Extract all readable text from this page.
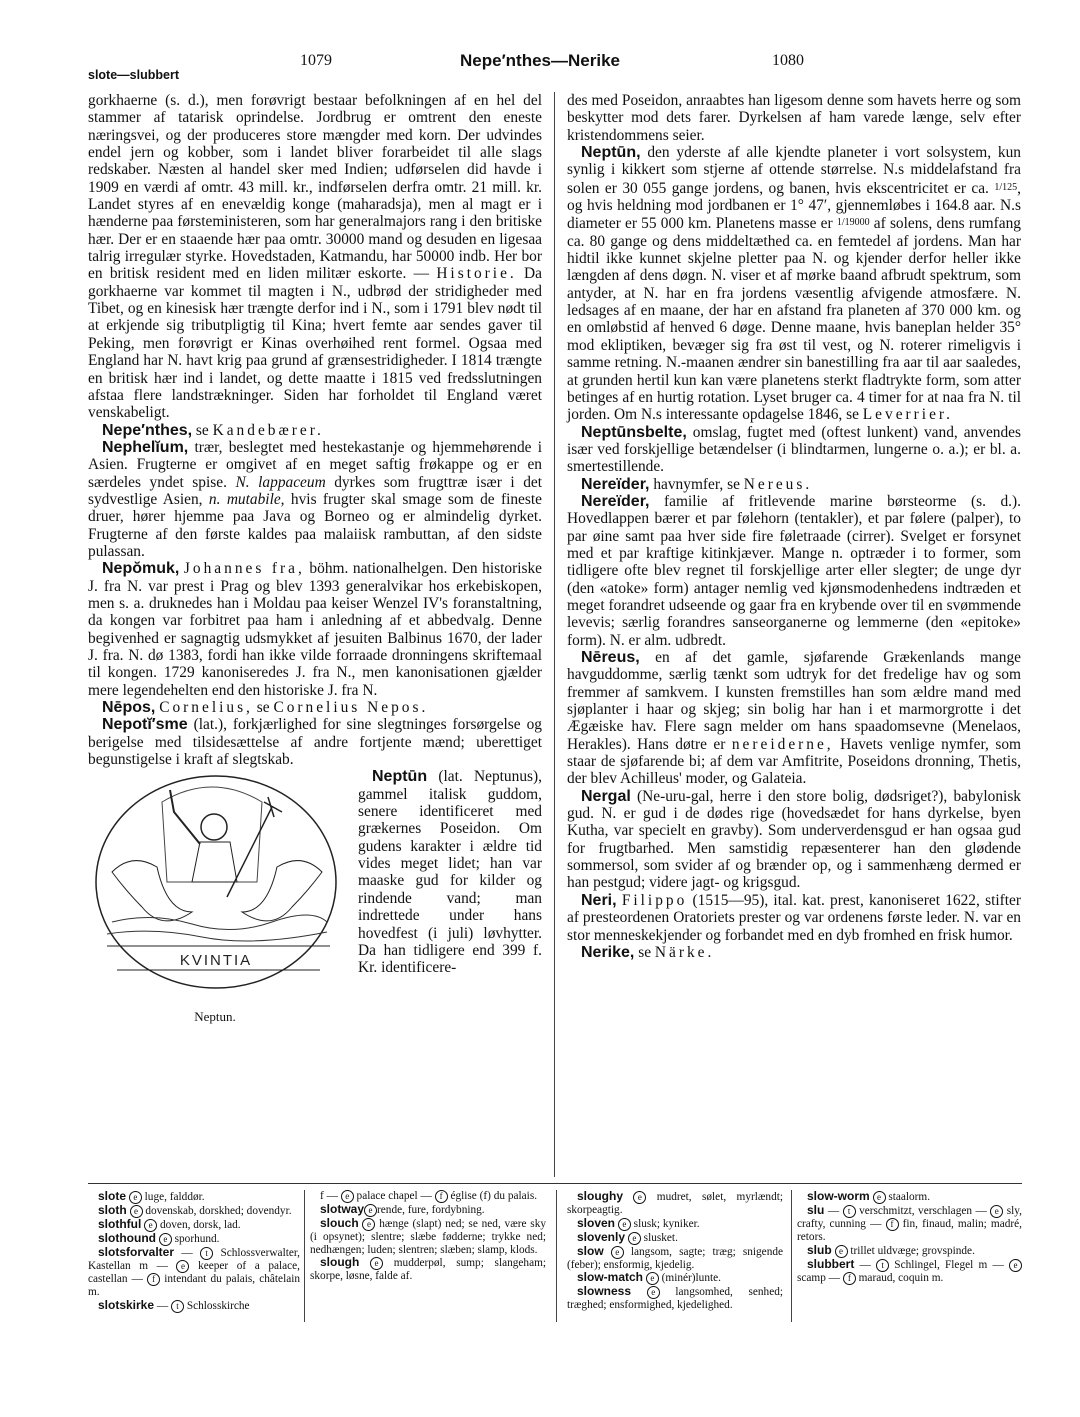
slote—slubbert
1079	Nepe′nthes—Nerike	1080

gorkhaerne (s. d.), men forøvrigt bestaar befolkningen af en hel del stammer af tatarisk oprindelse. Jordbrug er omtrent den eneste næringsvei, og der produceres store mængder med korn. Der udvindes endel jern og kobber, som i landet bliver forarbeidet til alle slags redskaber. Næsten al handel sker med Indien; udførselen did havde i 1909 en værdi af omtr. 43 mill. kr., indførselen derfra omtr. 21 mill. kr. Landet styres af en enevældig konge (maharadsja), men al magt er i hænderne paa førsteministeren, som har generalmajors rang i den britiske hær. Der er en staaende hær paa omtr. 30000 mand og desuden en ligesaa talrig irregulær styrke. Hovedstaden, Katmandu, har 50000 indb. Her bor en britisk resident med en liden militær eskorte. — Historie. Da gorkhaerne var kommet til magten i N., udbrød der stridigheder med Tibet, og en kinesisk hær trængte derfor ind i N., som i 1791 blev nødt til at erkjende sig tributpligtig til Kina; hvert femte aar sendes gaver til Peking, men forøvrigt er Kinas overhøihed rent formel. Ogsaa med England har N. havt krig paa grund af grænsestridigheder. I 1814 trængte en britisk hær ind i landet, og dette maatte i 1815 ved fredsslutningen afstaa flere landstrækninger. Siden har forholdet til England været venskabeligt.

Nepe′nthes, se Kandebærer.

Nephelĭum, trær, beslegtet med hestekastanje og hjemmehørende i Asien. Frugterne er omgivet af en meget saftig frøkappe og er en særdeles yndet spise. N. lappaceum dyrkes som frugttræ især i det sydvestlige Asien, n. mutabile, hvis frugter skal smage som de fineste druer, hører hjemme paa Java og Borneo og er almindelig dyrket. Frugterne af den første kaldes paa malaiisk rambuttan, af den sidste pulassan.

Nepŏmuk, Johannes fra, böhm. nationalhelgen. Den historiske J. fra N. var prest i Prag og blev 1393 generalvikar hos erkebiskopen, men s. a. druknedes han i Moldau paa keiser Wenzel IV's foranstaltning, da kongen var forbitret paa ham i anledning af et abbedvalg. Denne begivenhed er sagnagtig udsmykket af jesuiten Balbinus 1670, der lader J. fra. N. dø 1383, fordi han ikke vilde forraade dronningens skriftemaal til kongen. 1729 kanoniseredes J. fra N., men kanonisationen gjælder mere legendehelten end den historiske J. fra N.

Nēpos, Cornelius, se Cornelius Nepos.

Nepotĭ′sme (lat.), forkjærlighed for sine slegtninges forsørgelse og berigelse med tilsidesættelse af andre fortjente mænd; uberettiget begunstigelse i kraft af slegtskab.

KVINTIA
Neptun.
Neptūn (lat. Neptunus), gammel italisk guddom, senere identificeret med grækernes Poseidon. Om gudens karakter i ældre tid vides meget lidet; han var maaske gud for kilder og rindende vand; man indrettede under hans hovedfest (i juli) løvhytter. Da han tidligere end 399 f. Kr. identificere-

des med Poseidon, anraabtes han ligesom denne som havets herre og som beskytter mod dets farer. Dyrkelsen af ham varede længe, selv efter kristendommens seier.

Neptūn, den yderste af alle kjendte planeter i vort solsystem, kun synlig i kikkert som stjerne af ottende størrelse. N.s middelafstand fra solen er 30 055 gange jordens, og banen, hvis ekscentricitet er ca. 1/125, og hvis heldning mod jordbanen er 1° 47′, gjennemløbes i 164.8 aar. N.s diameter er 55 000 km. Planetens masse er 1/19000 af solens, dens rumfang ca. 80 gange og dens middeltæthed ca. en femtedel af jordens. Man har hidtil ikke kunnet skjelne pletter paa N. og kjender derfor heller ikke længden af dens døgn. N. viser et af mørke baand afbrudt spektrum, som antyder, at N. har en fra jordens væsentlig afvigende atmosfære. N. ledsages af en maane, der har en afstand fra planeten af 370 000 km. og en omløbstid af henved 6 døge. Denne maane, hvis baneplan helder 35° mod ekliptiken, bevæger sig fra øst til vest, og N. roterer rimeligvis i samme retning. N.-maanen ændrer sin banestilling fra aar til aar saaledes, at grunden hertil kun kan være planetens sterkt fladtrykte form, som atter betinges af en hurtig rotation. Lyset bruger ca. 4 timer for at naa fra N. til jorden. Om N.s interessante opdagelse 1846, se Leverrier.

Neptūnsbelte, omslag, fugtet med (oftest lunkent) vand, anvendes især ved forskjellige betændelser (i blindtarmen, lungerne o. a.); er bl. a. smertestillende.

Nereïder, havnymfer, se Nereus.

Nereïder, familie af fritlevende marine børsteorme (s. d.). Hovedlappen bærer et par følehorn (tentakler), et par følere (palper), to par øine samt paa hver side fire føletraade (cirrer). Svelget er forsynet med et par kraftige kitinkjæver. Mange n. optræder i to former, som tidligere ofte blev regnet til forskjellige arter eller slegter; de unge dyr (den «atoke» form) antager nemlig ved kjønsmodenhedens indtræden et meget forandret udseende og gaar fra en krybende over til en svømmende levevis; særlig forandres sanseorganerne og lemmerne (den «epitoke» form). N. er alm. udbredt.

Nēreus, en af det gamle, sjøfarende Grækenlands mange havguddomme, særlig tænkt som udtryk for det fredelige hav og som fremmer af samkvem. I kunsten fremstilles han som ældre mand med sjøplanter i haar og skjeg; sin bolig har han i et marmorgrotte i det Ægæiske hav. Flere sagn melder om hans spaadomsevne (Menelaos, Herakles). Hans døtre er nereiderne, Havets venlige nymfer, som staar de sjøfarende bi; af dem var Amfitrite, Poseidons dronning, Thetis, der blev Achilleus' moder, og Galateia.

Nergal (Ne-uru-gal, herre i den store bolig, dødsriget?), babylonisk gud. N. er gud i de dødes rige (hovedsædet for hans dyrkelse, byen Kutha, var specielt en gravby). Som underverdensgud er han ogsaa gud for frugtbarhed. Men samstidig repæsenterer han den glødende sommersol, som svider af og brænder op, og i sammenhæng dermed er han pestgud; videre jagt- og krigsgud.

Neri, Filippo (1515—95), ital. kat. prest, kanoniseret 1622, stifter af presteordenen Oratoriets prester og var ordenens første leder. N. var en stor menneskekjender og forbandet med en dyb fromhed en frisk humor.

Nerike, se Närke.

slote e luge, falddør.

sloth e dovenskab, dorskhed; dovendyr.

slothful e doven, dorsk, lad.

slothound e sporhund.

slotsforvalter — t Schlossverwalter, Kastellan m — e keeper of a palace, castellan — f intendant du palais, châtelain m.

slotskirke — t Schlosskirche

f — e palace chapel — f église (f) du palais.

slotway e rende, fure, fordybning.

slouch e hænge (slapt) ned; se ned, være sky (i opsynet); slentre; slæbe fødderne; trykke ned; nedhængen; luden; slentren; slæben; slamp, klods.

slough e mudderpøl, sump; slangeham; skorpe, løsne, falde af.

sloughy e mudret, sølet, myrlændt; skorpeagtig.

sloven e slusk; kyniker.

slovenly e slusket.

slow e langsom, sagte; træg; snigende (feber); ensformig, kjedelig.

slow-match e (minér)lunte.

slowness e langsomhed, senhed; træghed; ensformighed, kjedelighed.

slow-worm e staalorm.

slu — t verschmitzt, verschlagen — e sly, crafty, cunning — f fin, finaud, malin; madré, retors.

slub e trillet uldvæge; grovspinde.

slubbert — t Schlingel, Flegel m — e scamp — f maraud, coquin m.
